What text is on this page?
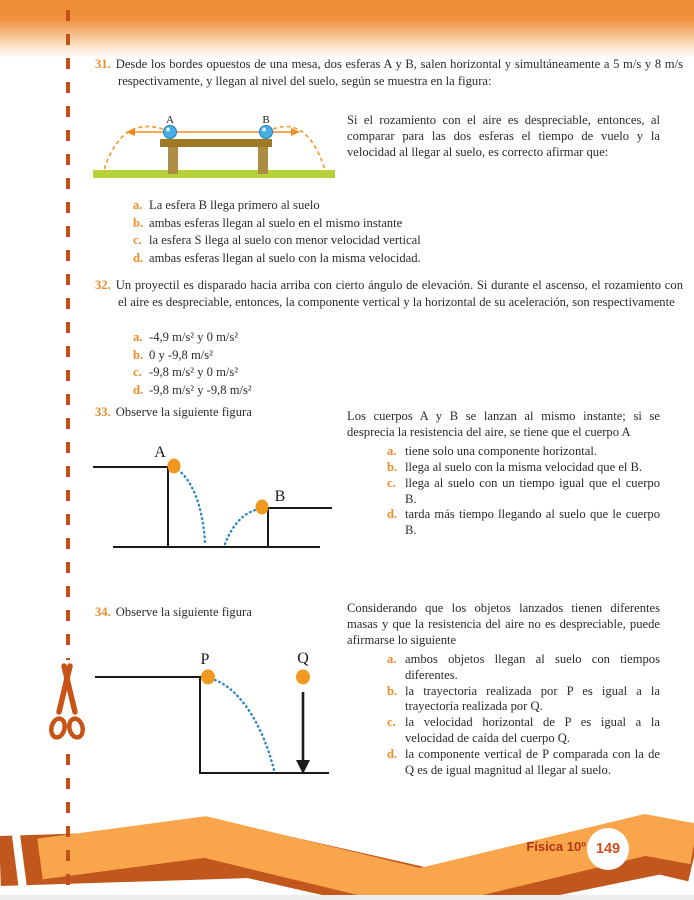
31. Desde los bordes opuestos de una mesa, dos esferas A y B, salen horizontal y simultáneamente a 5 m/s y 8 m/s respectivamente, y llegan al nivel del suelo, según se muestra en la figura:
A	B	Si el rozamiento con el aire es despreciable, entonces, al comparar para las dos esferas el tiempo de vuelo y la velocidad al llegar al suelo, es correcto afirmar que:
a. La esfera B llega primero al suelo
b. ambas esferas llegan al suelo en el mismo instante
c. la esfera S llega al suelo con menor velocidad vertical
d. ambas esferas llegan al suelo con la misma velocidad.
32. Un proyectil es disparado hacia arriba con cierto ángulo de elevación. Si durante el ascenso, el rozamiento con el aire es despreciable, entonces, la componente vertical y la horizontal de su aceleración, son respectivamente
a. -4,9 m/s² y 0 m/s²
b. 0 y -9,8 m/s²
c. -9,8 m/s² y 0 m/s²
d. -9,8 m/s² y -9,8 m/s²
33. Observe la siguiente figura
A
B
Los cuerpos A y B se lanzan al mismo instante; si se desprecia la resistencia del aire, se tiene que el cuerpo A
a. tiene solo una componente horizontal.
b. llega al suelo con la misma velocidad que el B.
c. llega al suelo con un tiempo igual que el cuerpo B.
d. tarda más tiempo llegando al suelo que le cuerpo B.
34. Observe la siguiente figura
P	Q
Considerando que los objetos lanzados tienen diferentes masas y que la resistencia del aire no es despreciable, puede afirmarse lo siguiente
a. ambos objetos llegan al suelo con tiempos diferentes.
b. la trayectoria realizada por P es igual a la trayectoria realizada por Q.
c. la velocidad horizontal de P es igual a la velocidad de caída del cuerpo Q.
d. la componente vertical de P comparada con la de Q es de igual magnitud al llegar al suelo.
Física 10º 149
